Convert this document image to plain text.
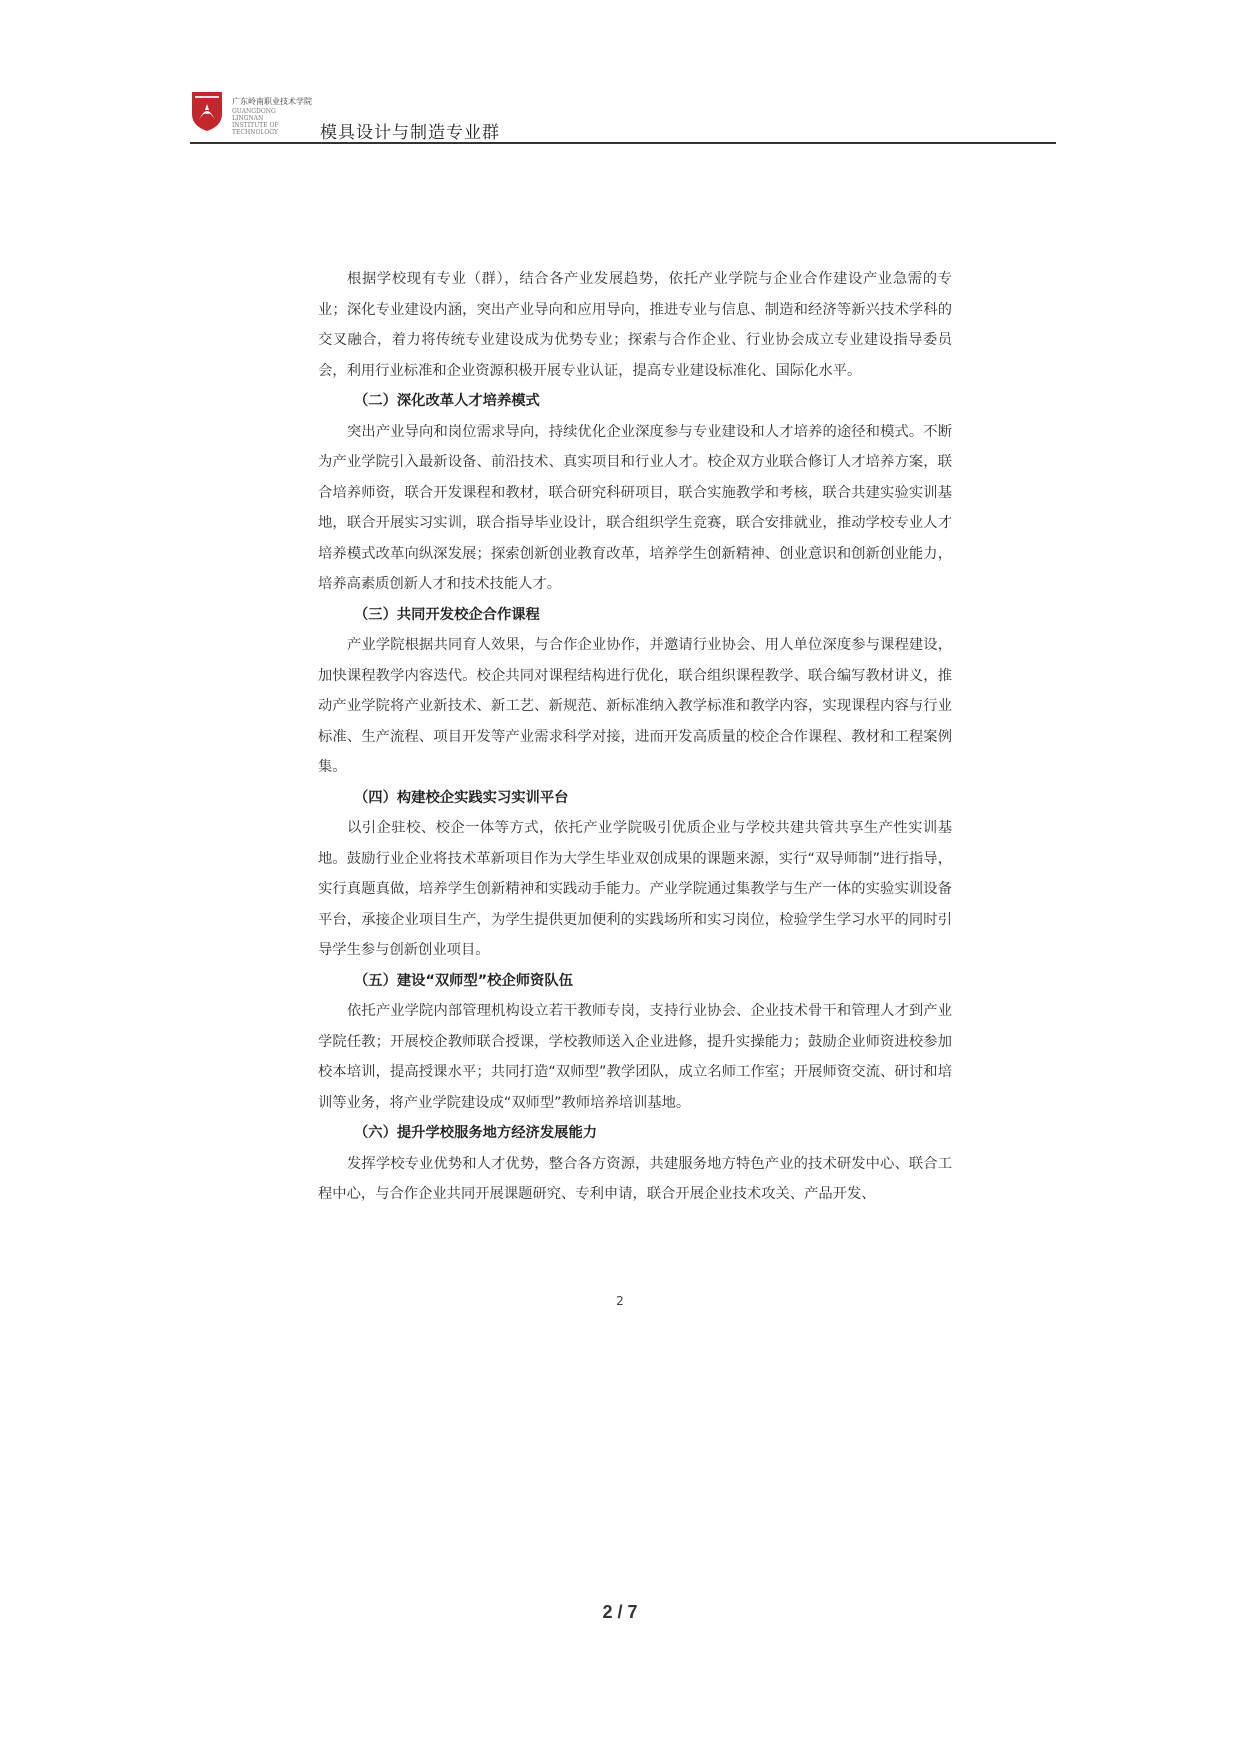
广东岭南职业技术学院
GUANGDONG LINGNAN INSTITUTE OF TECHNOLOGY	模具设计与制造专业群

根据学校现有专业（群），结合各产业发展趋势，依托产业学院与企业合作建设产业急需的专业；深化专业建设内涵，突出产业导向和应用导向，推进专业与信息、制造和经济等新兴技术学科的交叉融合，着力将传统专业建设成为优势专业；探索与合作企业、行业协会成立专业建设指导委员会，利用行业标准和企业资源积极开展专业认证，提高专业建设标准化、国际化水平。

（二）深化改革人才培养模式

突出产业导向和岗位需求导向，持续优化企业深度参与专业建设和人才培养的途径和模式。不断为产业学院引入最新设备、前沿技术、真实项目和行业人才。校企双方业联合修订人才培养方案，联合培养师资，联合开发课程和教材，联合研究科研项目，联合实施教学和考核，联合共建实验实训基地，联合开展实习实训，联合指导毕业设计，联合组织学生竞赛，联合安排就业，推动学校专业人才培养模式改革向纵深发展；探索创新创业教育改革，培养学生创新精神、创业意识和创新创业能力，培养高素质创新人才和技术技能人才。

（三）共同开发校企合作课程

产业学院根据共同育人效果，与合作企业协作，并邀请行业协会、用人单位深度参与课程建设，加快课程教学内容迭代。校企共同对课程结构进行优化，联合组织课程教学、联合编写教材讲义，推动产业学院将产业新技术、新工艺、新规范、新标准纳入教学标准和教学内容，实现课程内容与行业标准、生产流程、项目开发等产业需求科学对接，进而开发高质量的校企合作课程、教材和工程案例集。

（四）构建校企实践实习实训平台

以引企驻校、校企一体等方式，依托产业学院吸引优质企业与学校共建共管共享生产性实训基地。鼓励行业企业将技术革新项目作为大学生毕业双创成果的课题来源，实行“双导师制”进行指导，实行真题真做，培养学生创新精神和实践动手能力。产业学院通过集教学与生产一体的实验实训设备平台，承接企业项目生产，为学生提供更加便利的实践场所和实习岗位，检验学生学习水平的同时引导学生参与创新创业项目。

（五）建设“双师型”校企师资队伍

依托产业学院内部管理机构设立若干教师专岗，支持行业协会、企业技术骨干和管理人才到产业学院任教；开展校企教师联合授课，学校教师送入企业进修，提升实操能力；鼓励企业师资进校参加校本培训，提高授课水平；共同打造“双师型”教学团队，成立名师工作室；开展师资交流、研讨和培训等业务，将产业学院建设成“双师型”教师培养培训基地。

（六）提升学校服务地方经济发展能力

发挥学校专业优势和人才优势，整合各方资源，共建服务地方特色产业的技术研发中心、联合工程中心，与合作企业共同开展课题研究、专利申请，联合开展企业技术攻关、产品开发、

2
2 / 7
